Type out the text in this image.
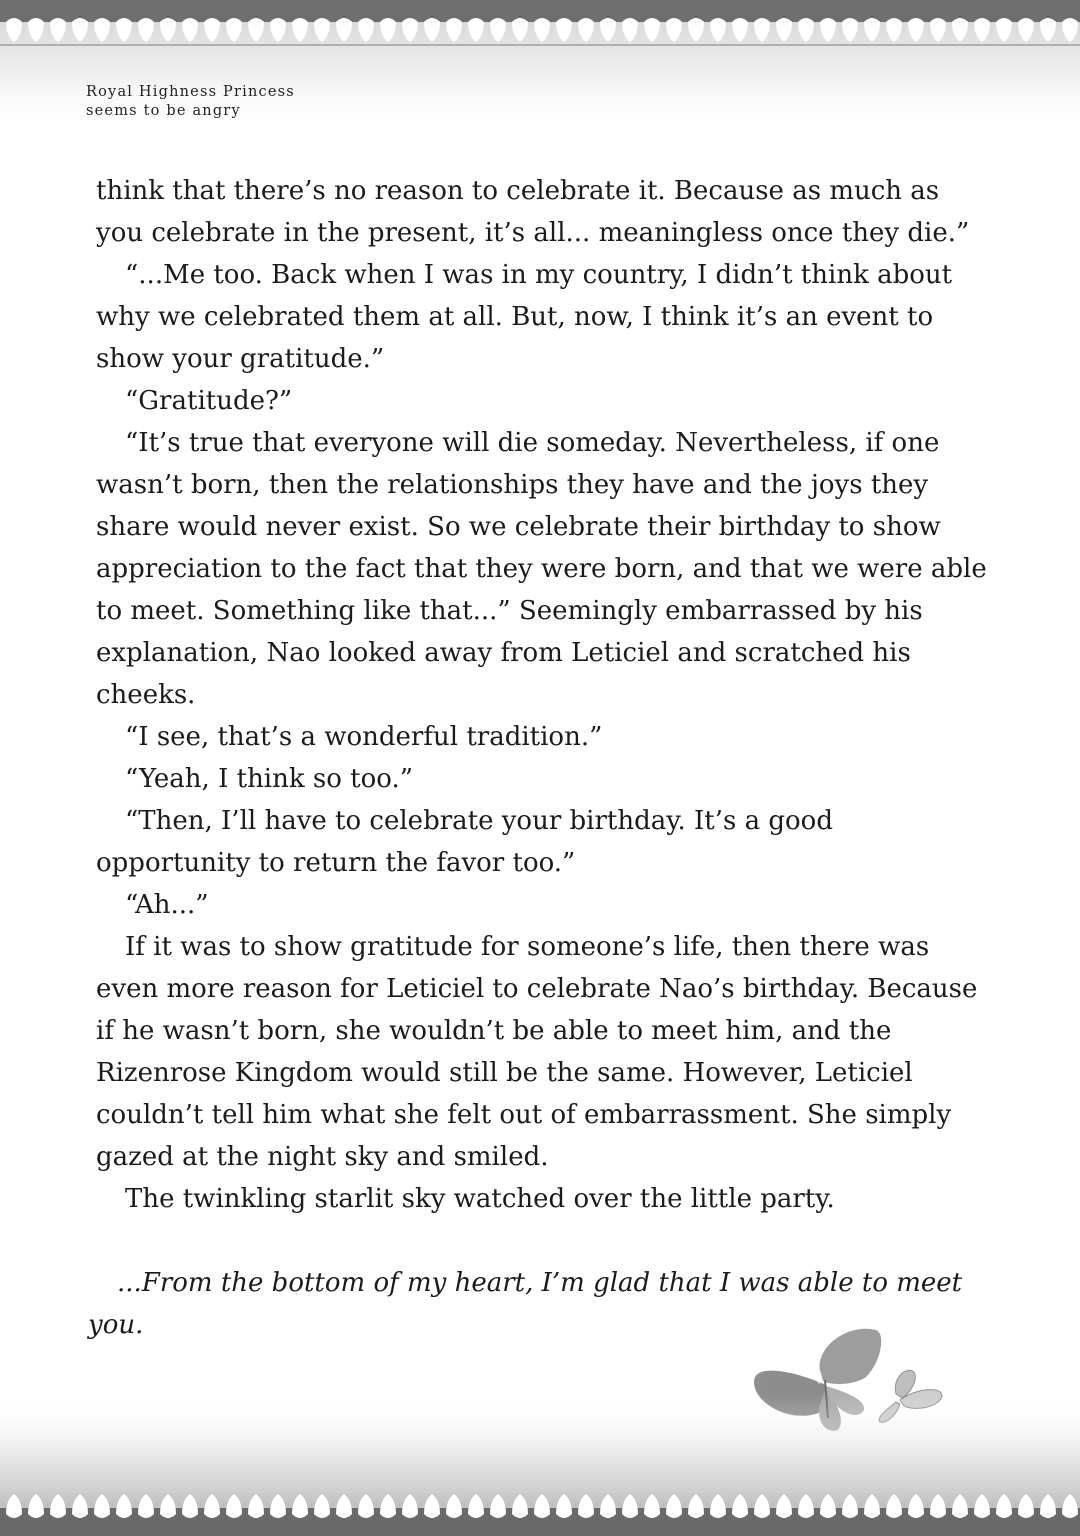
Royal Highness Princess
seems to be angry

think that there’s no reason to celebrate it. Because as much as you celebrate in the present, it’s all... meaningless once they die.”

“...Me too. Back when I was in my country, I didn’t think about why we celebrated them at all. But, now, I think it’s an event to show your gratitude.”

“Gratitude?”

“It’s true that everyone will die someday. Nevertheless, if one wasn’t born, then the relationships they have and the joys they share would never exist. So we celebrate their birthday to show appreciation to the fact that they were born, and that we were able to meet. Something like that...” Seemingly embarrassed by his explanation, Nao looked away from Leticiel and scratched his cheeks.

“I see, that’s a wonderful tradition.”

“Yeah, I think so too.”

“Then, I’ll have to celebrate your birthday. It’s a good opportunity to return the favor too.”

“Ah...”

If it was to show gratitude for someone’s life, then there was even more reason for Leticiel to celebrate Nao’s birthday. Because if he wasn’t born, she wouldn’t be able to meet him, and the Rizenrose Kingdom would still be the same. However, Leticiel couldn’t tell him what she felt out of embarrassment. She simply gazed at the night sky and smiled.

The twinkling starlit sky watched over the little party.

...From the bottom of my heart, I’m glad that I was able to meet you.
